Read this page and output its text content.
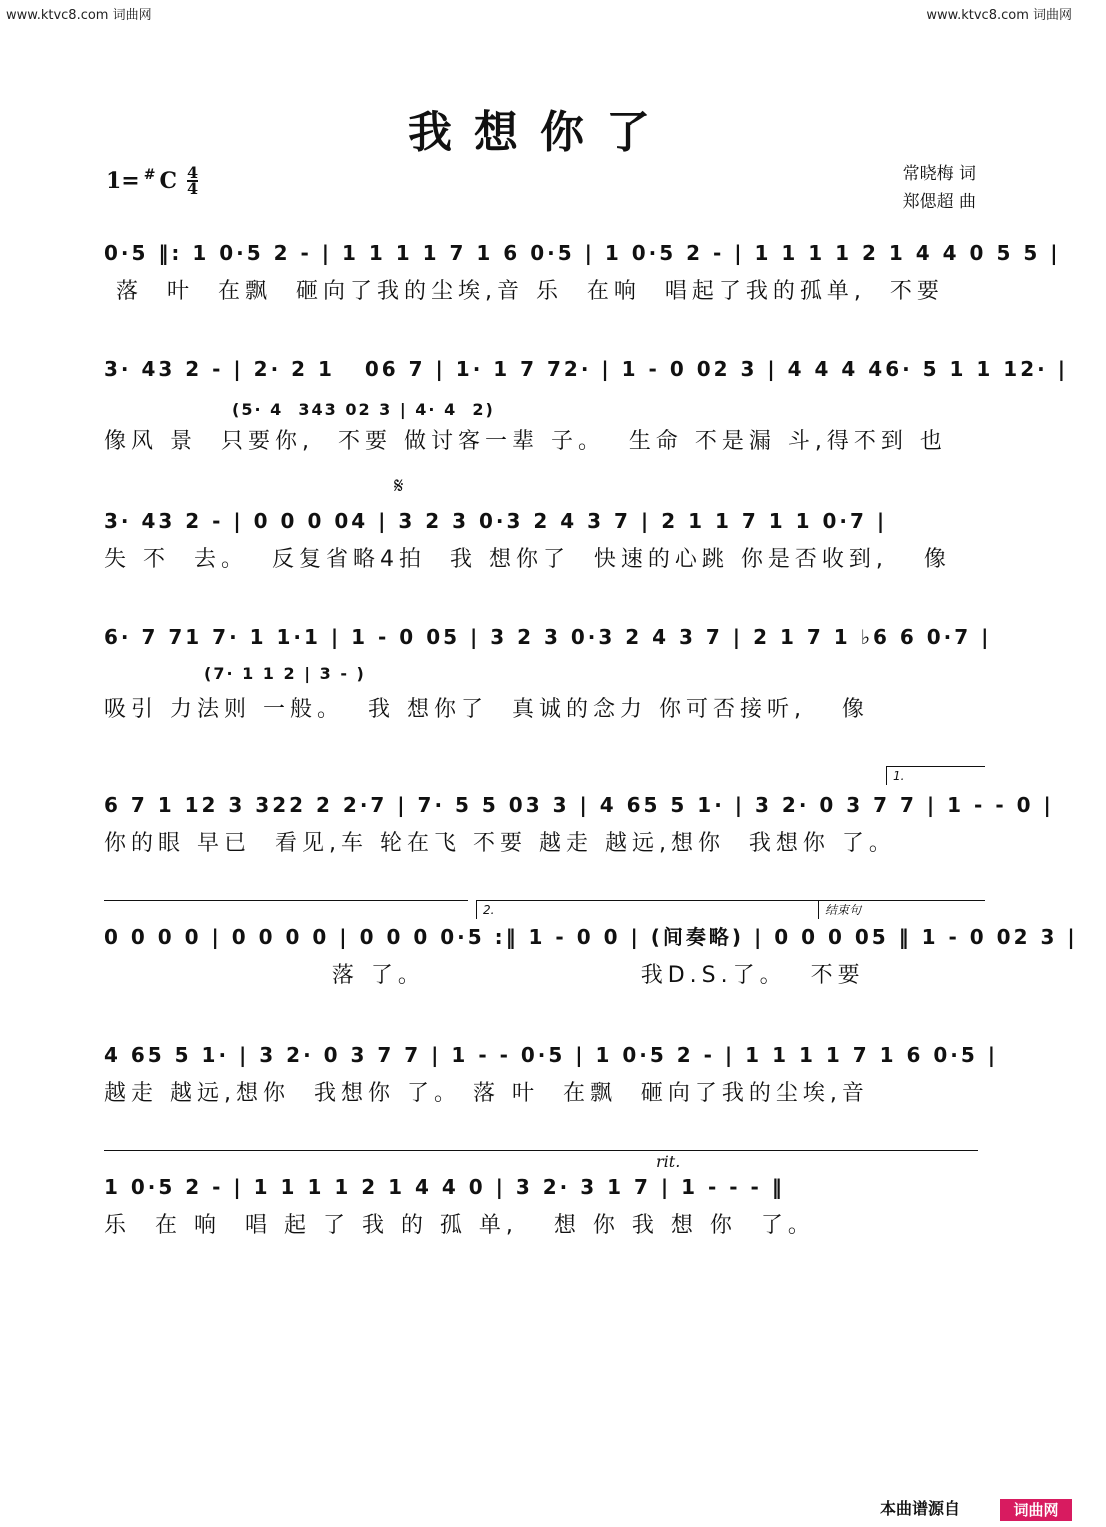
www.ktvc8.com 词曲网	www.ktvc8.com 词曲网
我想你了
1= # C 4
4
常晓梅 词
郑偲超 曲
0·5 ‖: 1 0·5 2 - | 1 1 1 1 7 1 6 0·5 | 1 0·5 2 - | 1 1 1 1 2 1 4 4 0 5 5 |
落  叶  在飘  砸向了我的尘埃,音 乐  在响  唱起了我的孤单,  不要
3· 43 2 - | 2· 2 1   06 7 | 1· 1 7 72· | 1 - 0 02 3 | 4 4 4 46· 5 1 1 12· |
(5· 4  343 02 3 | 4· 4  2)
像风 景  只要你,  不要 做讨客一辈 子。  生命 不是漏 斗,得不到 也
𝄋
3· 43 2 - | 0 0 0 04 | 3 2 3 0·3 2 4 3 7 | 2 1 1 7 1 1 0·7 |
失 不  去。  反复省略4拍  我 想你了  快速的心跳 你是否收到,   像
6· 7 71 7· 1 1·1 | 1 - 0 05 | 3 2 3 0·3 2 4 3 7 | 2 1 7 1 ♭6 6 0·7 |
(7· 1 1 2 | 3 - )
吸引 力法则 一般。  我 想你了  真诚的念力 你可否接听,   像
1.
6 7 1 12 3 322 2 2·7 | 7· 5 5 03 3 | 4 65 5 1· | 3 2· 0 3 7 7 | 1 - - 0 |
你的眼 早已  看见,车 轮在飞 不要 越走 越远,想你  我想你 了。
2.	结束句
0 0 0 0 | 0 0 0 0 | 0 0 0 0·5 :‖ 1 - 0 0 | (间奏略) | 0 0 0 05 ‖ 1 - 0 02 3 |
落 了。                  我D.S.了。  不要
4 65 5 1· | 3 2· 0 3 7 7 | 1 - - 0·5 | 1 0·5 2 - | 1 1 1 1 7 1 6 0·5 |
越走 越远,想你  我想你 了。 落 叶  在飘  砸向了我的尘埃,音
rit.
1 0·5 2 - | 1 1 1 1 2 1 4 4 0 | 3 2· 3 1 7 | 1 - - - ‖
乐  在 响  唱 起 了 我 的 孤 单,   想 你 我 想 你  了。
本曲谱源自	词曲网
